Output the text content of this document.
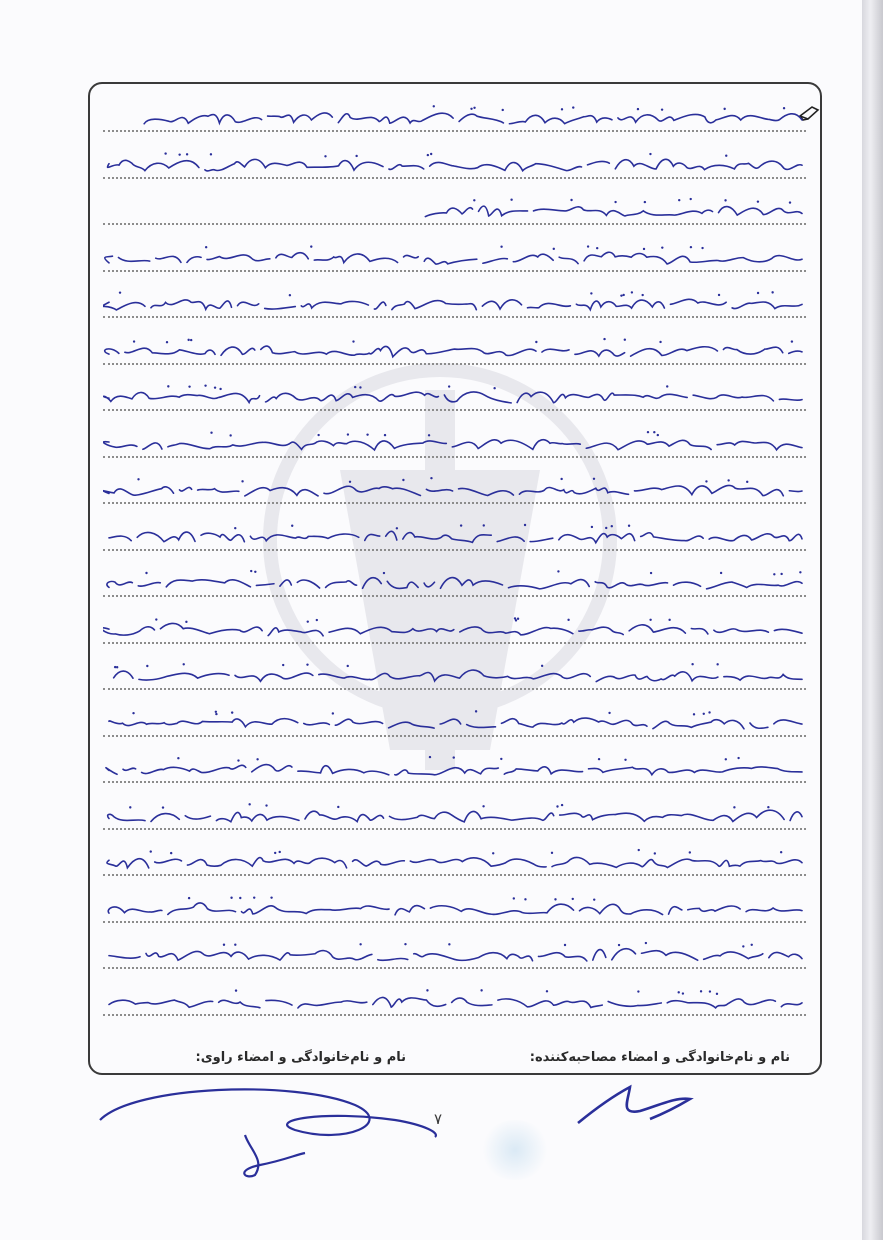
نام و نام‌خانوادگی و امضاء مصاحبه‌کننده:
نام و نام‌خانوادگی و امضاء راوی:
۷
